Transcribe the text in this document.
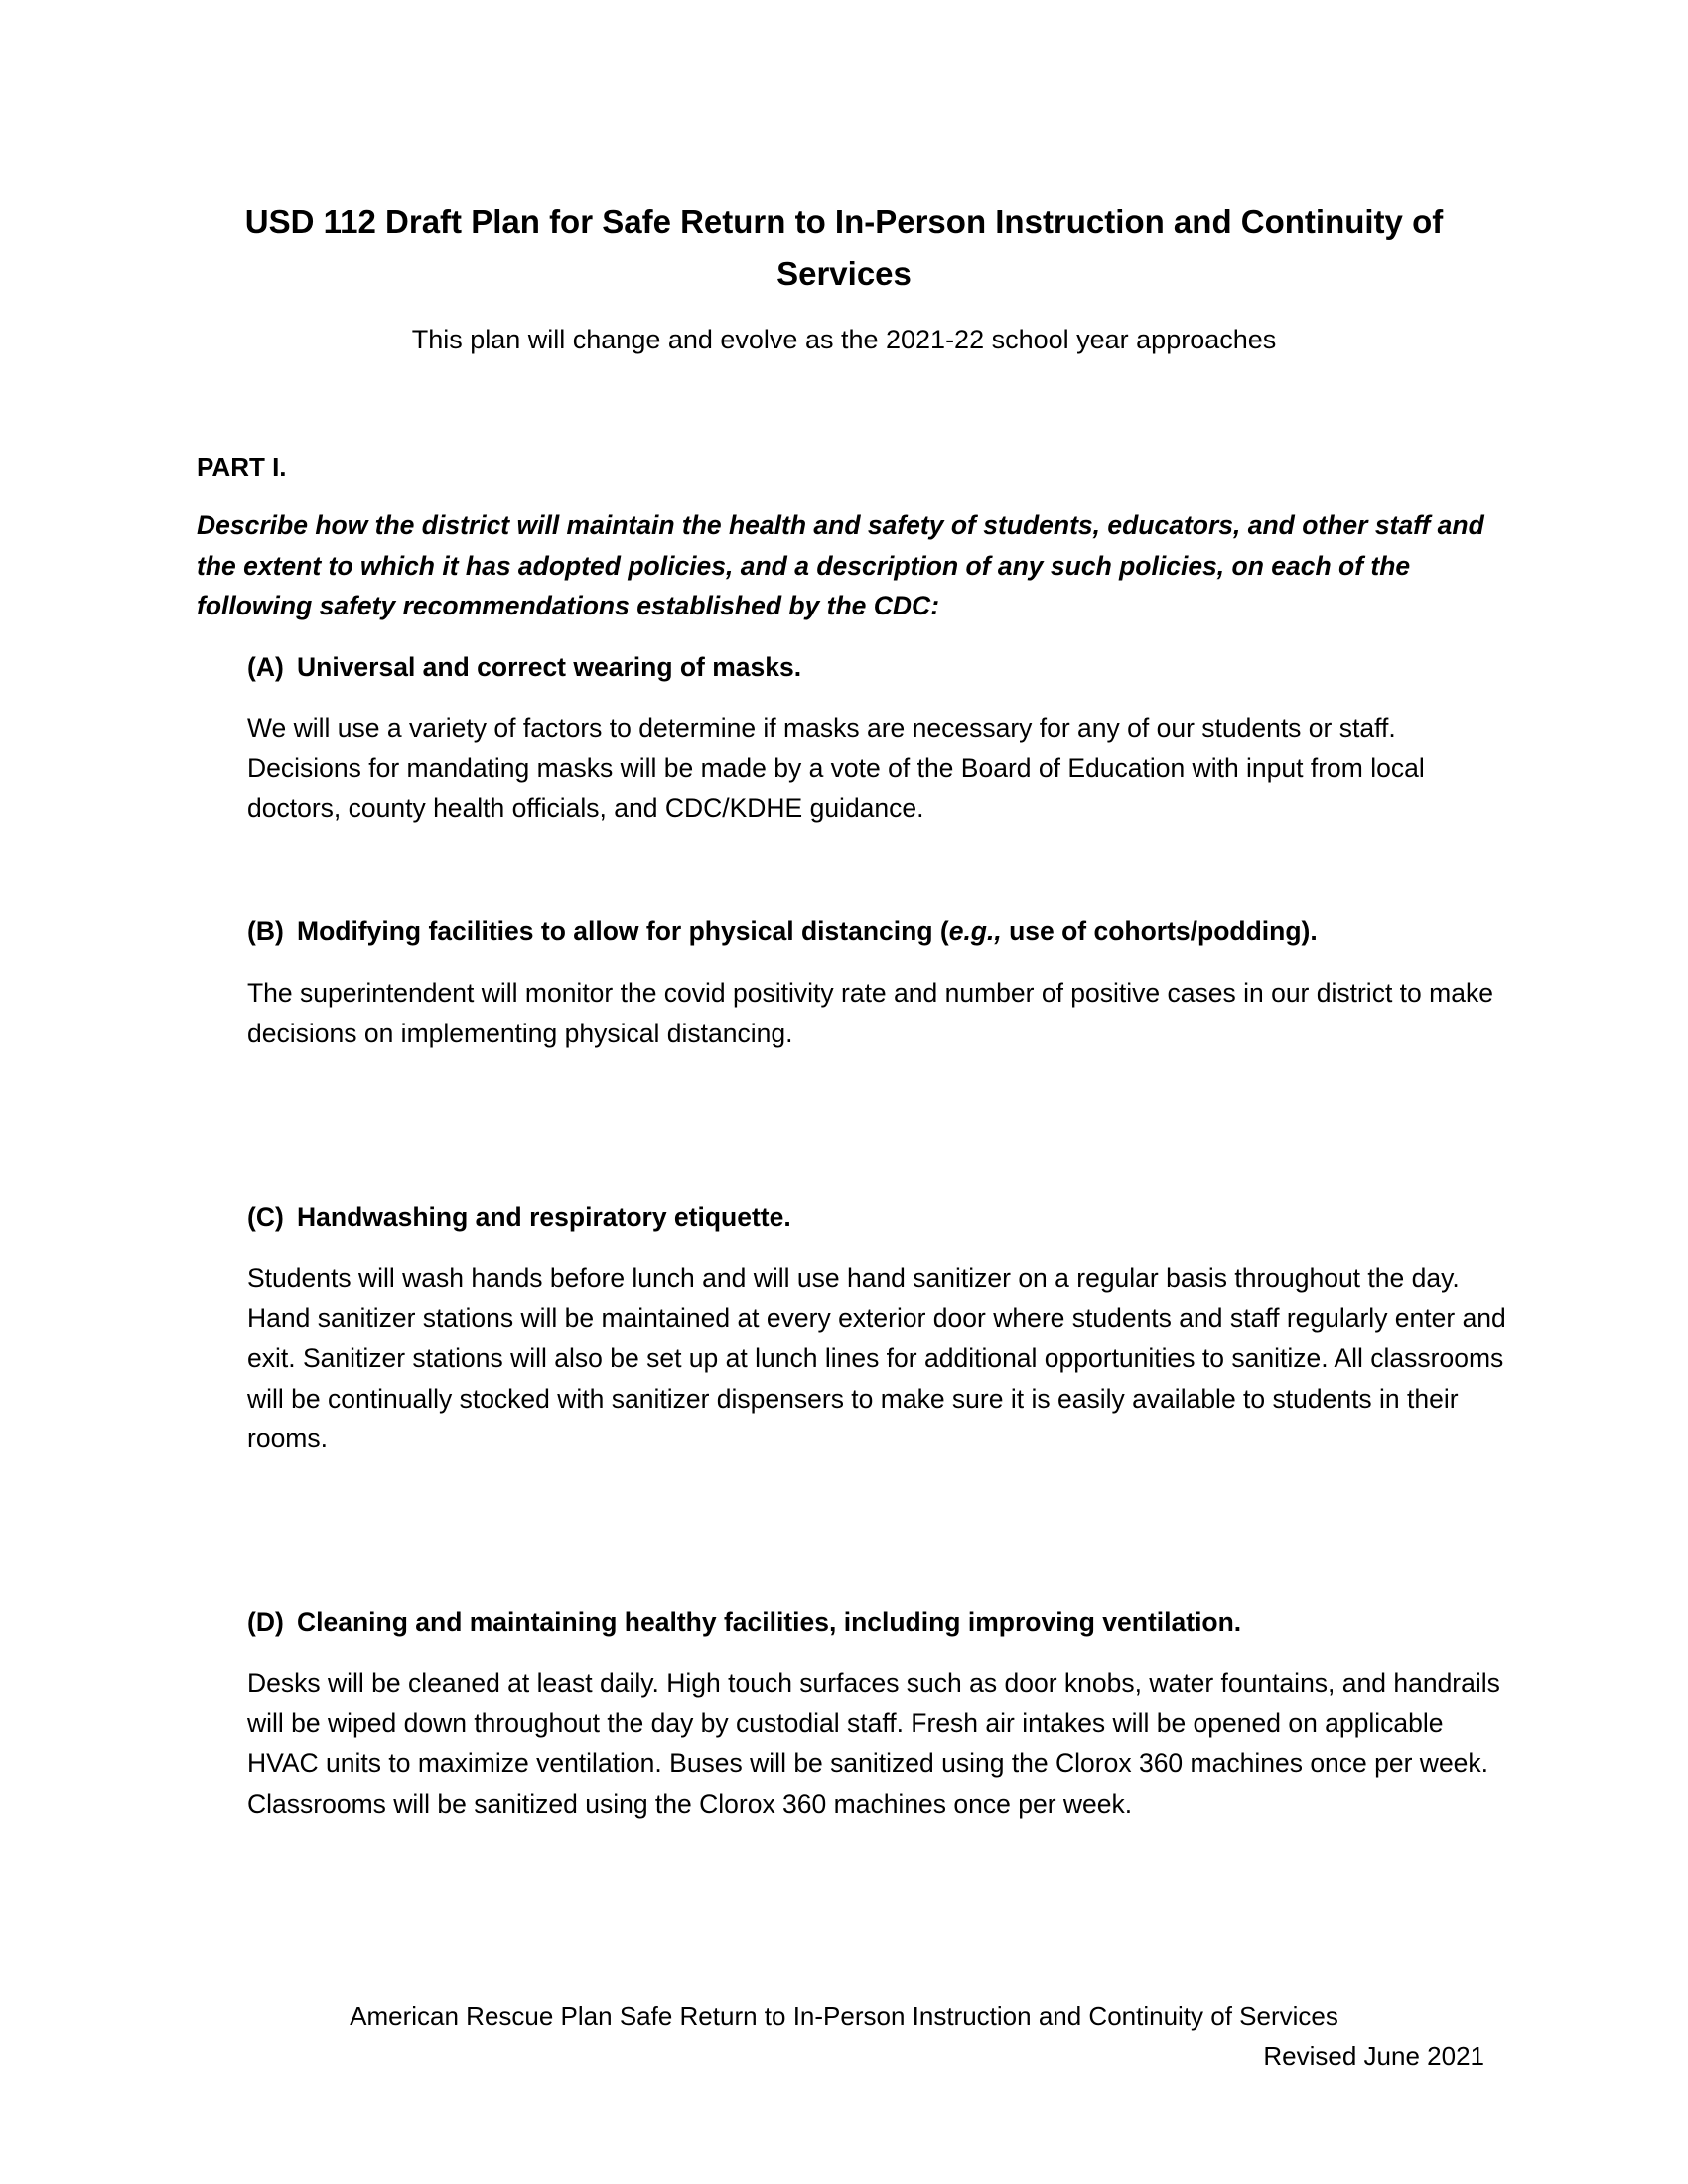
USD 112 Draft Plan for Safe Return to In-Person Instruction and Continuity of Services
This plan will change and evolve as the 2021-22 school year approaches
PART I.
Describe how the district will maintain the health and safety of students, educators, and other staff and the extent to which it has adopted policies, and a description of any such policies, on each of the following safety recommendations established by the CDC:
(A) Universal and correct wearing of masks.
We will use a variety of factors to determine if masks are necessary for any of our students or staff. Decisions for mandating masks will be made by a vote of the Board of Education with input from local doctors, county health officials, and CDC/KDHE guidance.
(B) Modifying facilities to allow for physical distancing (e.g., use of cohorts/podding).
The superintendent will monitor the covid positivity rate and number of positive cases in our district to make decisions on implementing physical distancing.
(C) Handwashing and respiratory etiquette.
Students will wash hands before lunch and will use hand sanitizer on a regular basis throughout the day. Hand sanitizer stations will be maintained at every exterior door where students and staff regularly enter and exit. Sanitizer stations will also be set up at lunch lines for additional opportunities to sanitize. All classrooms will be continually stocked with sanitizer dispensers to make sure it is easily available to students in their rooms.
(D) Cleaning and maintaining healthy facilities, including improving ventilation.
Desks will be cleaned at least daily. High touch surfaces such as door knobs, water fountains, and handrails will be wiped down throughout the day by custodial staff. Fresh air intakes will be opened on applicable HVAC units to maximize ventilation. Buses will be sanitized using the Clorox 360 machines once per week. Classrooms will be sanitized using the Clorox 360 machines once per week.
American Rescue Plan Safe Return to In-Person Instruction and Continuity of Services
Revised June 2021
